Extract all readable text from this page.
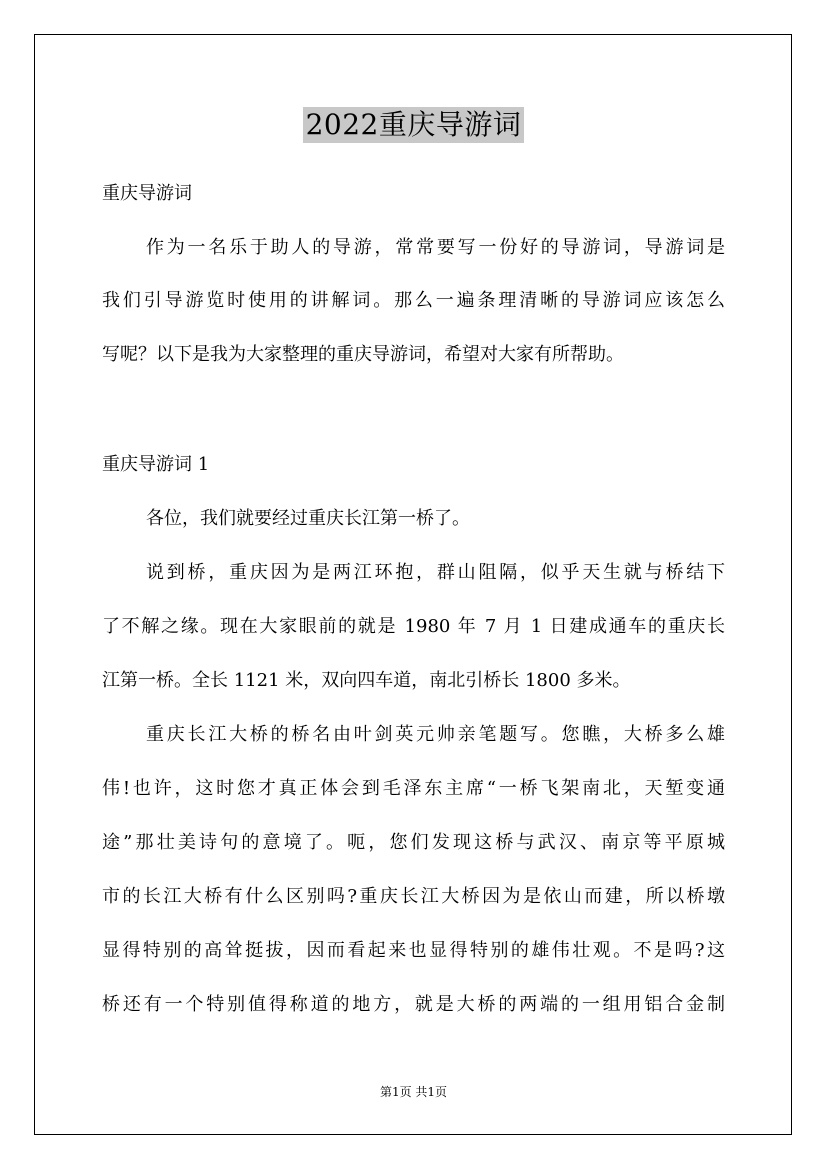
2022重庆导游词

重庆导游词

作为一名乐于助人的导游，常常要写一份好的导游词，导游词是

我们引导游览时使用的讲解词。那么一遍条理清晰的导游词应该怎么

写呢？以下是我为大家整理的重庆导游词，希望对大家有所帮助。

重庆导游词 1

各位，我们就要经过重庆长江第一桥了。

说到桥，重庆因为是两江环抱，群山阻隔，似乎天生就与桥结下

了不解之缘。现在大家眼前的就是 1980 年 7 月 1 日建成通车的重庆长

江第一桥。全长 1121 米，双向四车道，南北引桥长 1800 多米。

重庆长江大桥的桥名由叶剑英元帅亲笔题写。您瞧，大桥多么雄

伟!也许，这时您才真正体会到毛泽东主席“一桥飞架南北，天堑变通

途”那壮美诗句的意境了。呃，您们发现这桥与武汉、南京等平原城

市的长江大桥有什么区别吗?重庆长江大桥因为是依山而建，所以桥墩

显得特别的高耸挺拔，因而看起来也显得特别的雄伟壮观。不是吗?这

桥还有一个特别值得称道的地方，就是大桥的两端的一组用铝合金制

第1页 共1页
